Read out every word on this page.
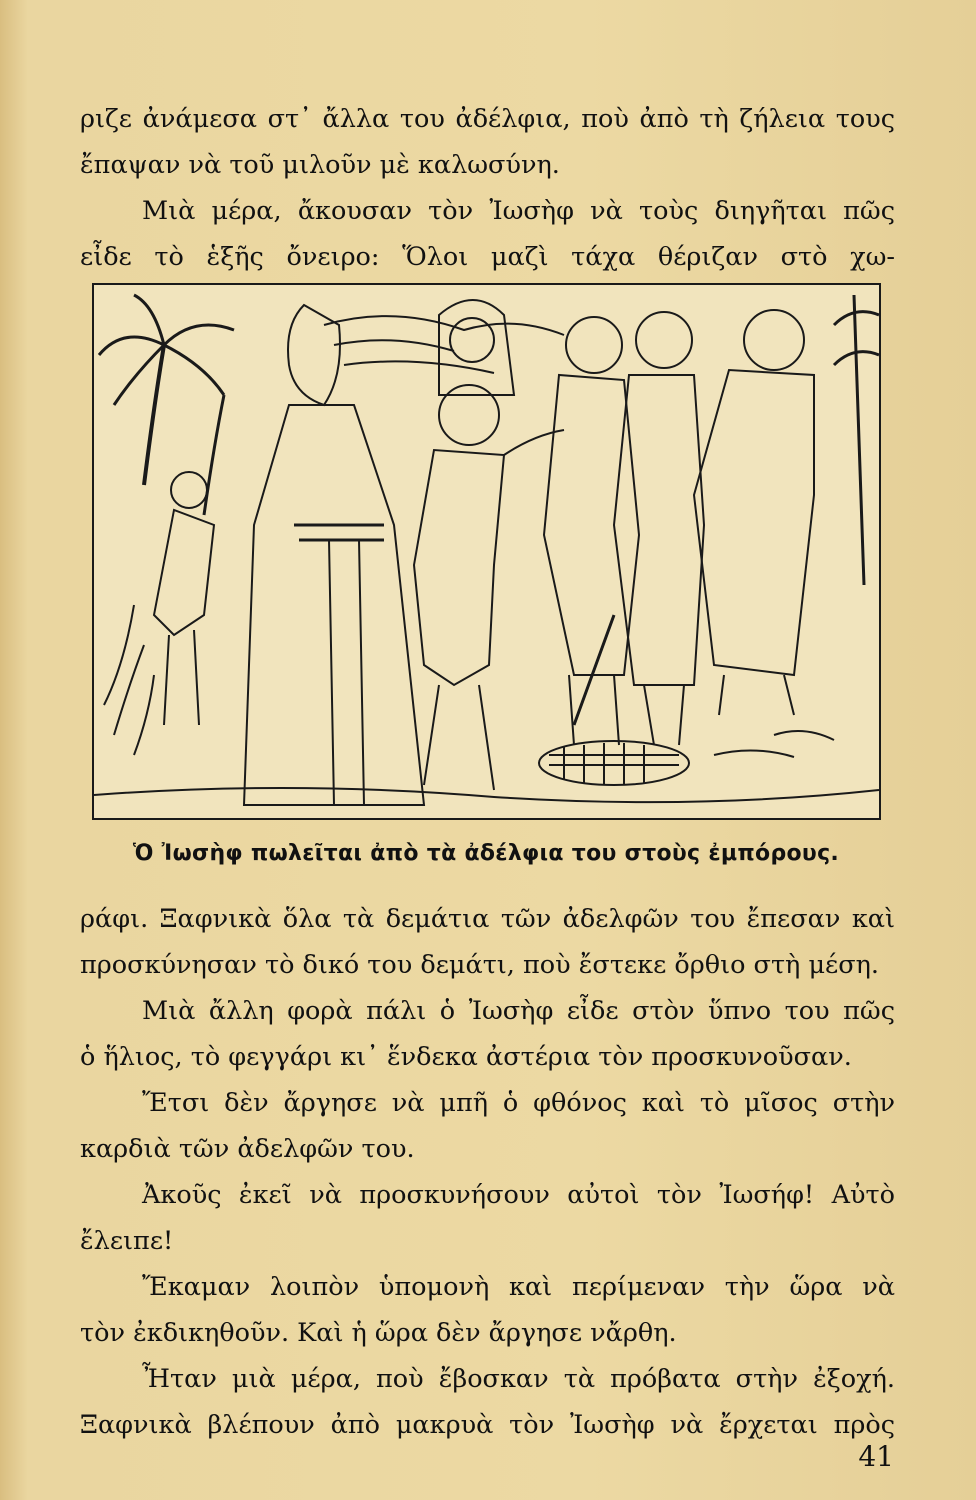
ριζε ἀνάμεσα στ᾽ ἄλλα του ἀδέλφια, ποὺ ἀπὸ τὴ ζήλεια τους
ἔπαψαν νὰ τοῦ μιλοῦν μὲ καλωσύνη.
Μιὰ μέρα, ἄκουσαν τὸν Ἰωσὴφ νὰ τοὺς διηγῆται πῶς
εἶδε τὸ ἑξῆς ὄνειρο: Ὅλοι μαζὶ τάχα θέριζαν στὸ χω-
Ὁ Ἰωσὴφ πωλεῖται ἀπὸ τὰ ἀδέλφια του στοὺς ἐμπόρους.
ράφι. Ξαφνικὰ ὅλα τὰ δεμάτια τῶν ἀδελφῶν του ἔπεσαν καὶ
προσκύνησαν τὸ δικό του δεμάτι, ποὺ ἔστεκε ὄρθιο στὴ μέση.
Μιὰ ἄλλη φορὰ πάλι ὁ Ἰωσὴφ εἶδε στὸν ὕπνο του πῶς
ὁ ἥλιος, τὸ φεγγάρι κι᾽ ἕνδεκα ἀστέρια τὸν προσκυνοῦσαν.
Ἔτσι δὲν ἄργησε νὰ μπῆ ὁ φθόνος καὶ τὸ μῖσος στὴν
καρδιὰ τῶν ἀδελφῶν του.
Ἀκοῦς ἐκεῖ νὰ προσκυνήσουν αὐτοὶ τὸν Ἰωσήφ! Αὐτὸ
ἔλειπε!
Ἔκαμαν λοιπὸν ὑπομονὴ καὶ περίμεναν τὴν ὥρα νὰ
τὸν ἐκδικηθοῦν. Καὶ ἡ ὥρα δὲν ἄργησε νἄρθη.
Ἦταν μιὰ μέρα, ποὺ ἔβοσκαν τὰ πρόβατα στὴν ἐξοχή.
Ξαφνικὰ βλέπουν ἀπὸ μακρυὰ τὸν Ἰωσὴφ νὰ ἔρχεται πρὸς
41
